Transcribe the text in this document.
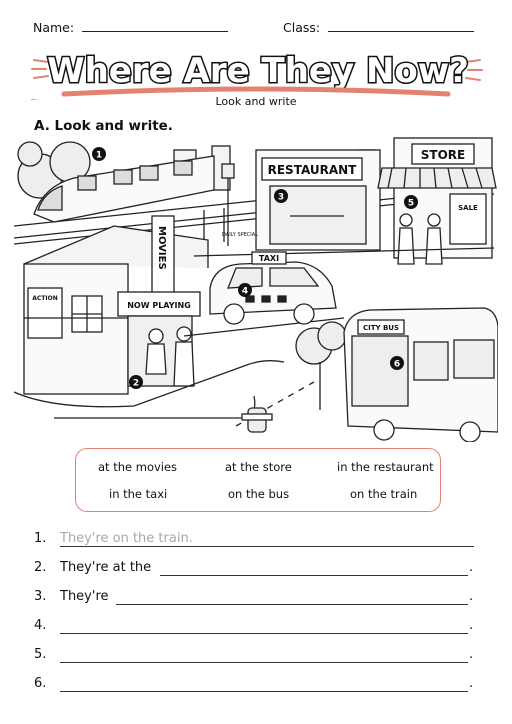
Name:	Class:
Where Are They Now?
Look and write
A. Look and write.
RESTAURANT
STORE
MOVIES
NOW PLAYING
ACTION
TAXI
CITY BUS
SALE
DAILY SPECIAL
1
2
3
4
5
6
at the movies	at the store	in the restaurant
in the taxi	on the bus	on the train
1. They're on the train.
2. They're at the	.
3. They're	.
4.	.
5.	.
6.	.
